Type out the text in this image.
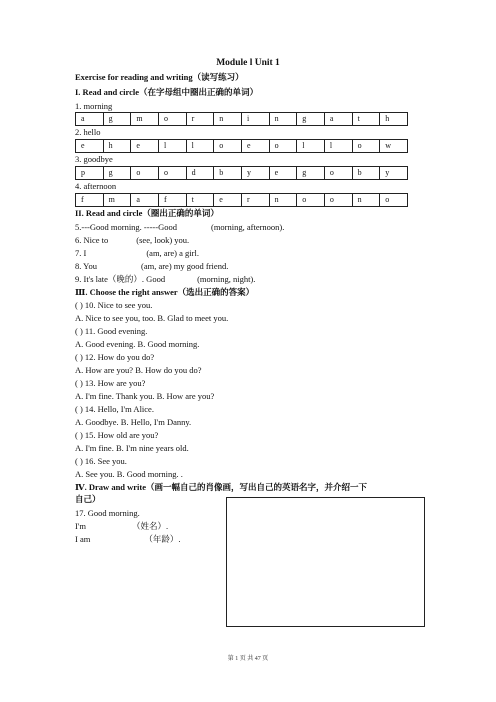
Module l Unit 1
Exercise for reading and writing（读写练习）
I. Read and circle（在字母组中圈出正确的单词）
1. morning
a	g	m	o	r	n	i	n	g	a	t	h
2. hello
e	h	e	l	l	o	e	o	l	l	o	w
3. goodbye
p	g	o	o	d	b	y	e	g	o	b	y
4. afternoon
f	m	a	f	t	e	r	n	o	o	n	o
II. Read and circle（圈出正确的单词）
5.---Good morning. -----Good	(morning, afternoon).
6. Nice to	(see, look) you.
7. I	(am, are) a girl.
8. You	(am, are) my good friend.
9. It's late（晚的）. Good	(morning, night).
Ⅲ. Choose the right answer（选出正确的答案）
( ) 10. Nice to see you.
A. Nice to see you, too. B. Glad to meet you.
( ) 11. Good evening.
A. Good evening. B. Good morning.
( ) 12. How do you do?
A. How are you? B. How do you do?
( ) 13. How are you?
A. I'm fine. Thank you. B. How are you?
( ) 14. Hello, I'm Alice.
A. Goodbye. B. Hello, I'm Danny.
( ) 15. How old are you?
A. I'm fine. B. I'm nine years old.
( ) 16. See you.
A. See you. B. Good morning. .
Ⅳ. Draw and write（画一幅自己的肖像画，写出自己的英语名字，并介绍一下
自己）
17. Good morning.
I'm	（姓名）.
I am	（年龄）.
第 1 页 共 47 页
